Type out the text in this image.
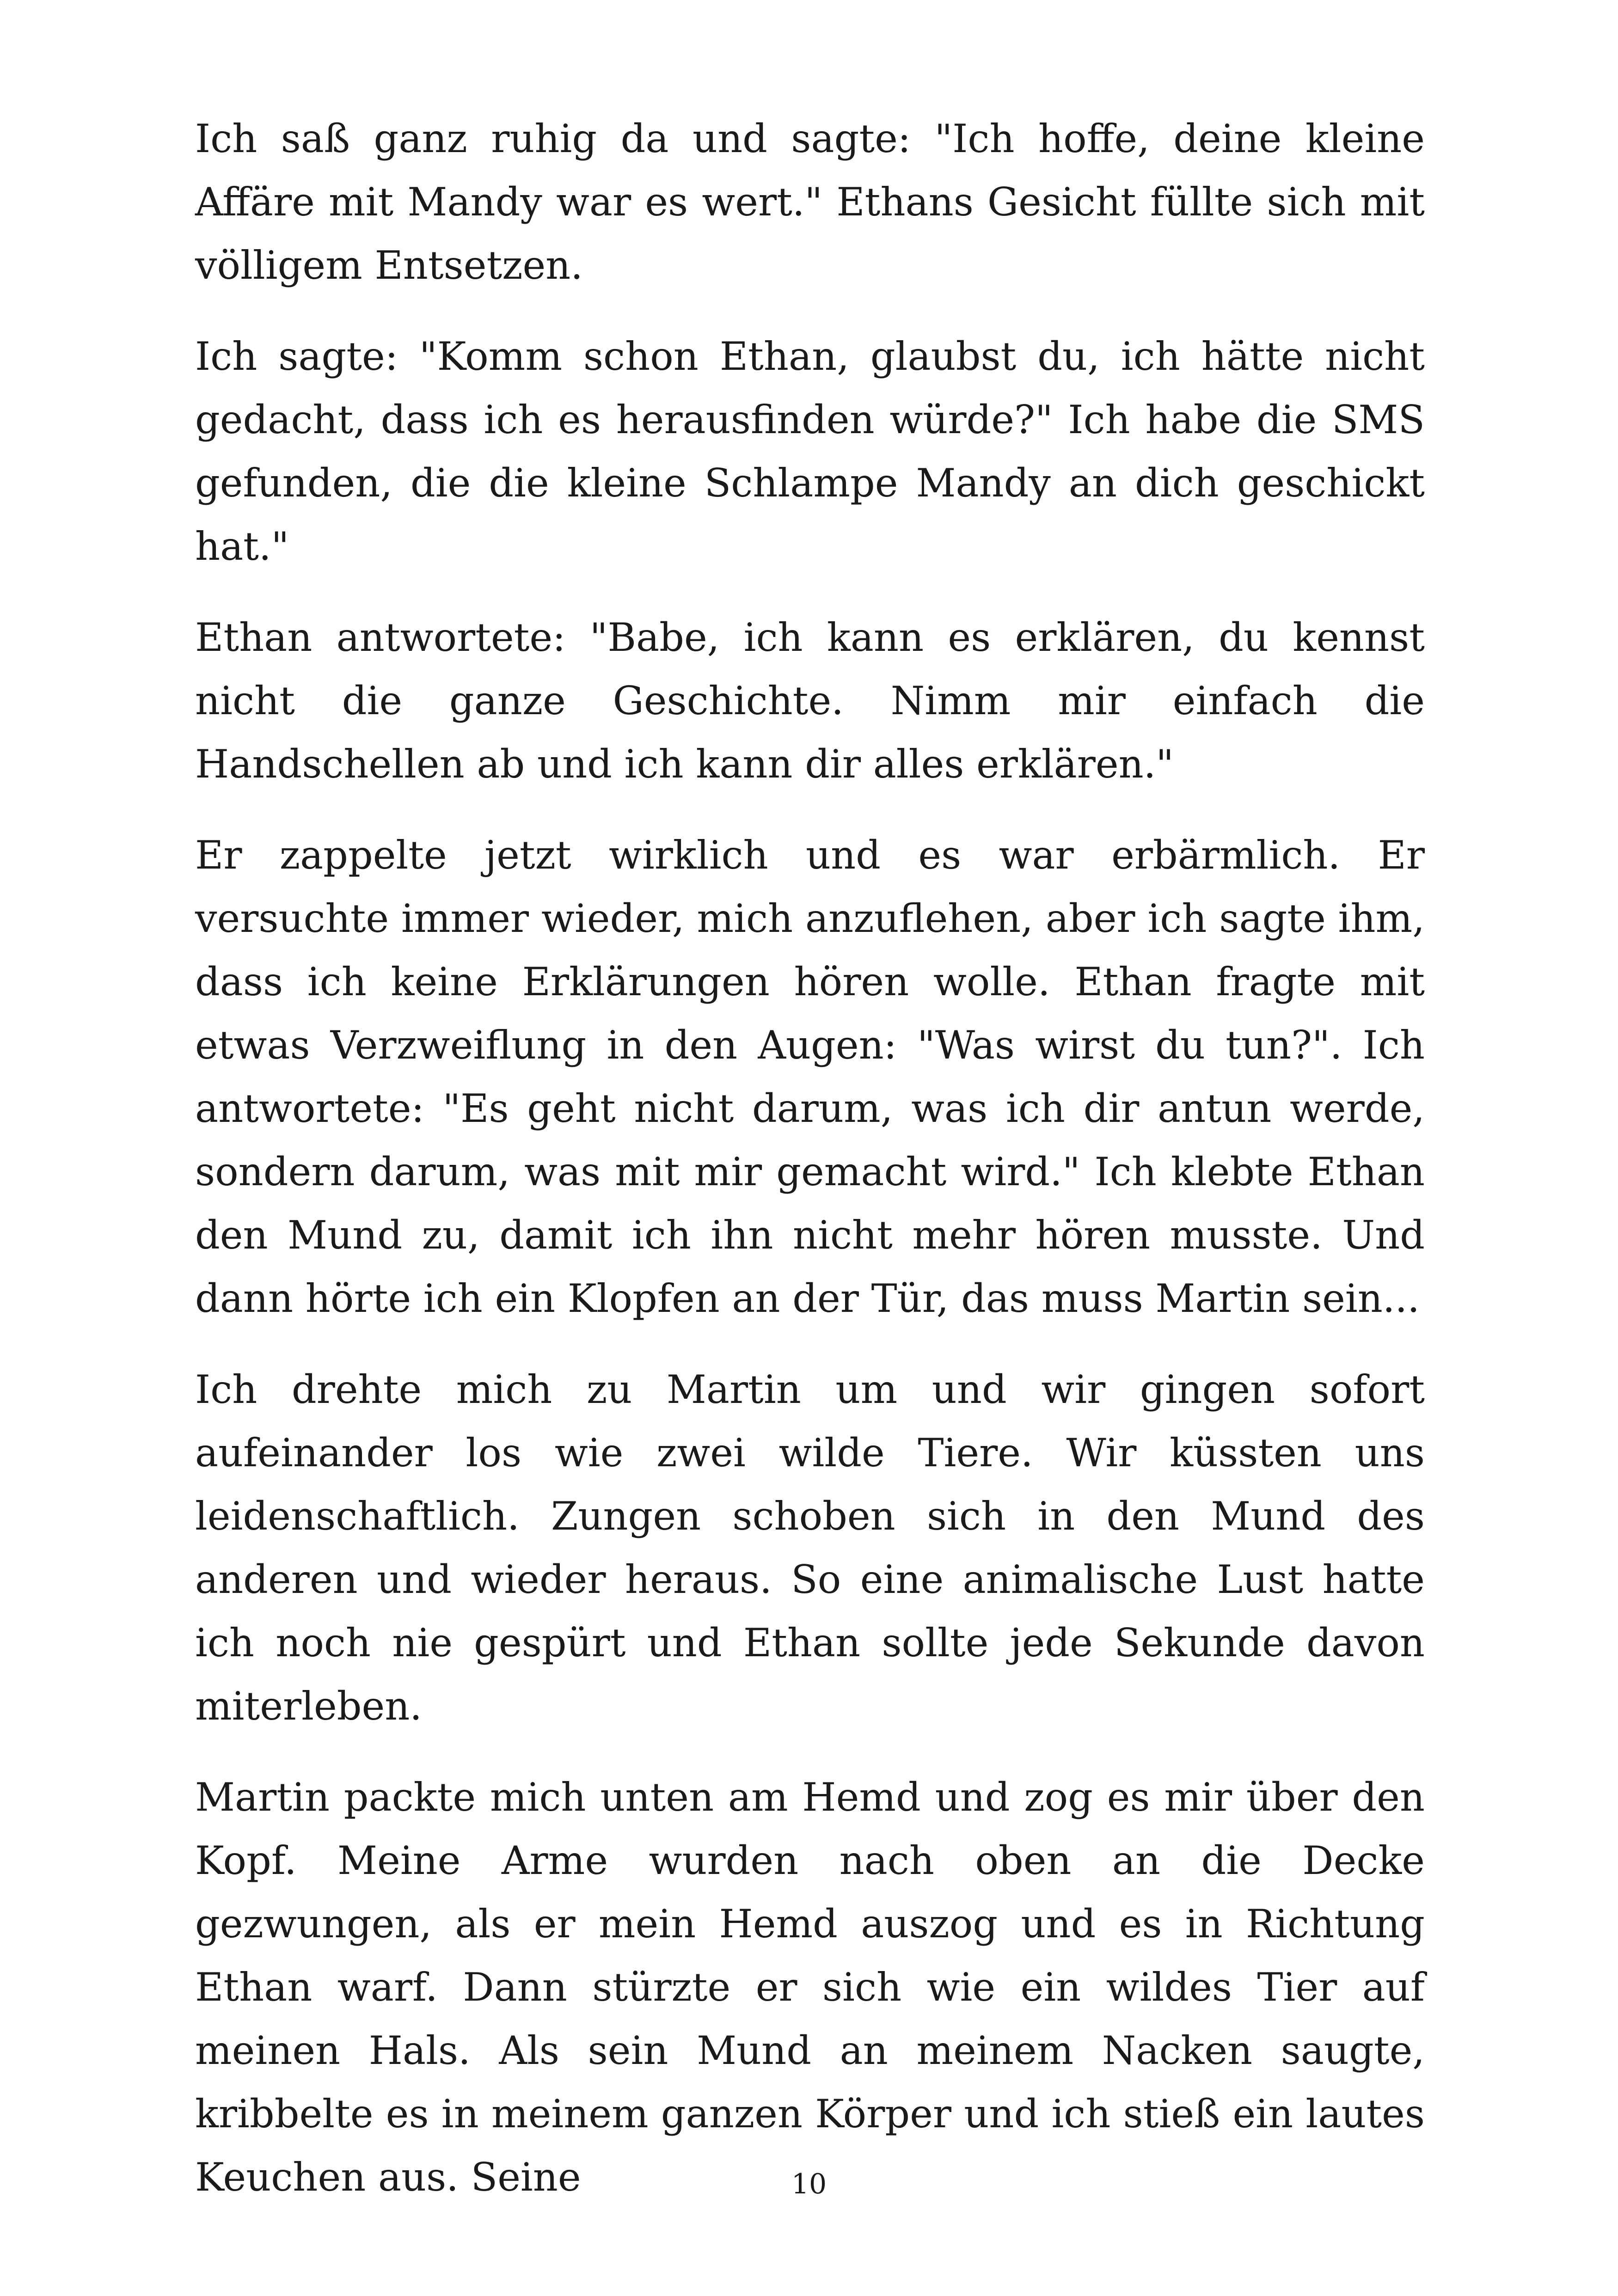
Ich saß ganz ruhig da und sagte: "Ich hoffe, deine kleine Affäre mit Mandy war es wert." Ethans Gesicht füllte sich mit völligem Entsetzen.

Ich sagte: "Komm schon Ethan, glaubst du, ich hätte nicht gedacht, dass ich es herausfinden würde?" Ich habe die SMS gefunden, die die kleine Schlampe Mandy an dich geschickt hat."

Ethan antwortete: "Babe, ich kann es erklären, du kennst nicht die ganze Geschichte. Nimm mir einfach die Handschellen ab und ich kann dir alles erklären."

Er zappelte jetzt wirklich und es war erbärmlich. Er versuchte immer wieder, mich anzuflehen, aber ich sagte ihm, dass ich keine Erklärungen hören wolle. Ethan fragte mit etwas Verzweiflung in den Augen: "Was wirst du tun?". Ich antwortete: "Es geht nicht darum, was ich dir antun werde, sondern darum, was mit mir gemacht wird." Ich klebte Ethan den Mund zu, damit ich ihn nicht mehr hören musste. Und dann hörte ich ein Klopfen an der Tür, das muss Martin sein...

Ich drehte mich zu Martin um und wir gingen sofort aufeinander los wie zwei wilde Tiere. Wir küssten uns leidenschaftlich. Zungen schoben sich in den Mund des anderen und wieder heraus. So eine animalische Lust hatte ich noch nie gespürt und Ethan sollte jede Sekunde davon miterleben.

Martin packte mich unten am Hemd und zog es mir über den Kopf. Meine Arme wurden nach oben an die Decke gezwungen, als er mein Hemd auszog und es in Richtung Ethan warf. Dann stürzte er sich wie ein wildes Tier auf meinen Hals. Als sein Mund an meinem Nacken saugte, kribbelte es in meinem ganzen Körper und ich stieß ein lautes Keuchen aus. Seine	10
